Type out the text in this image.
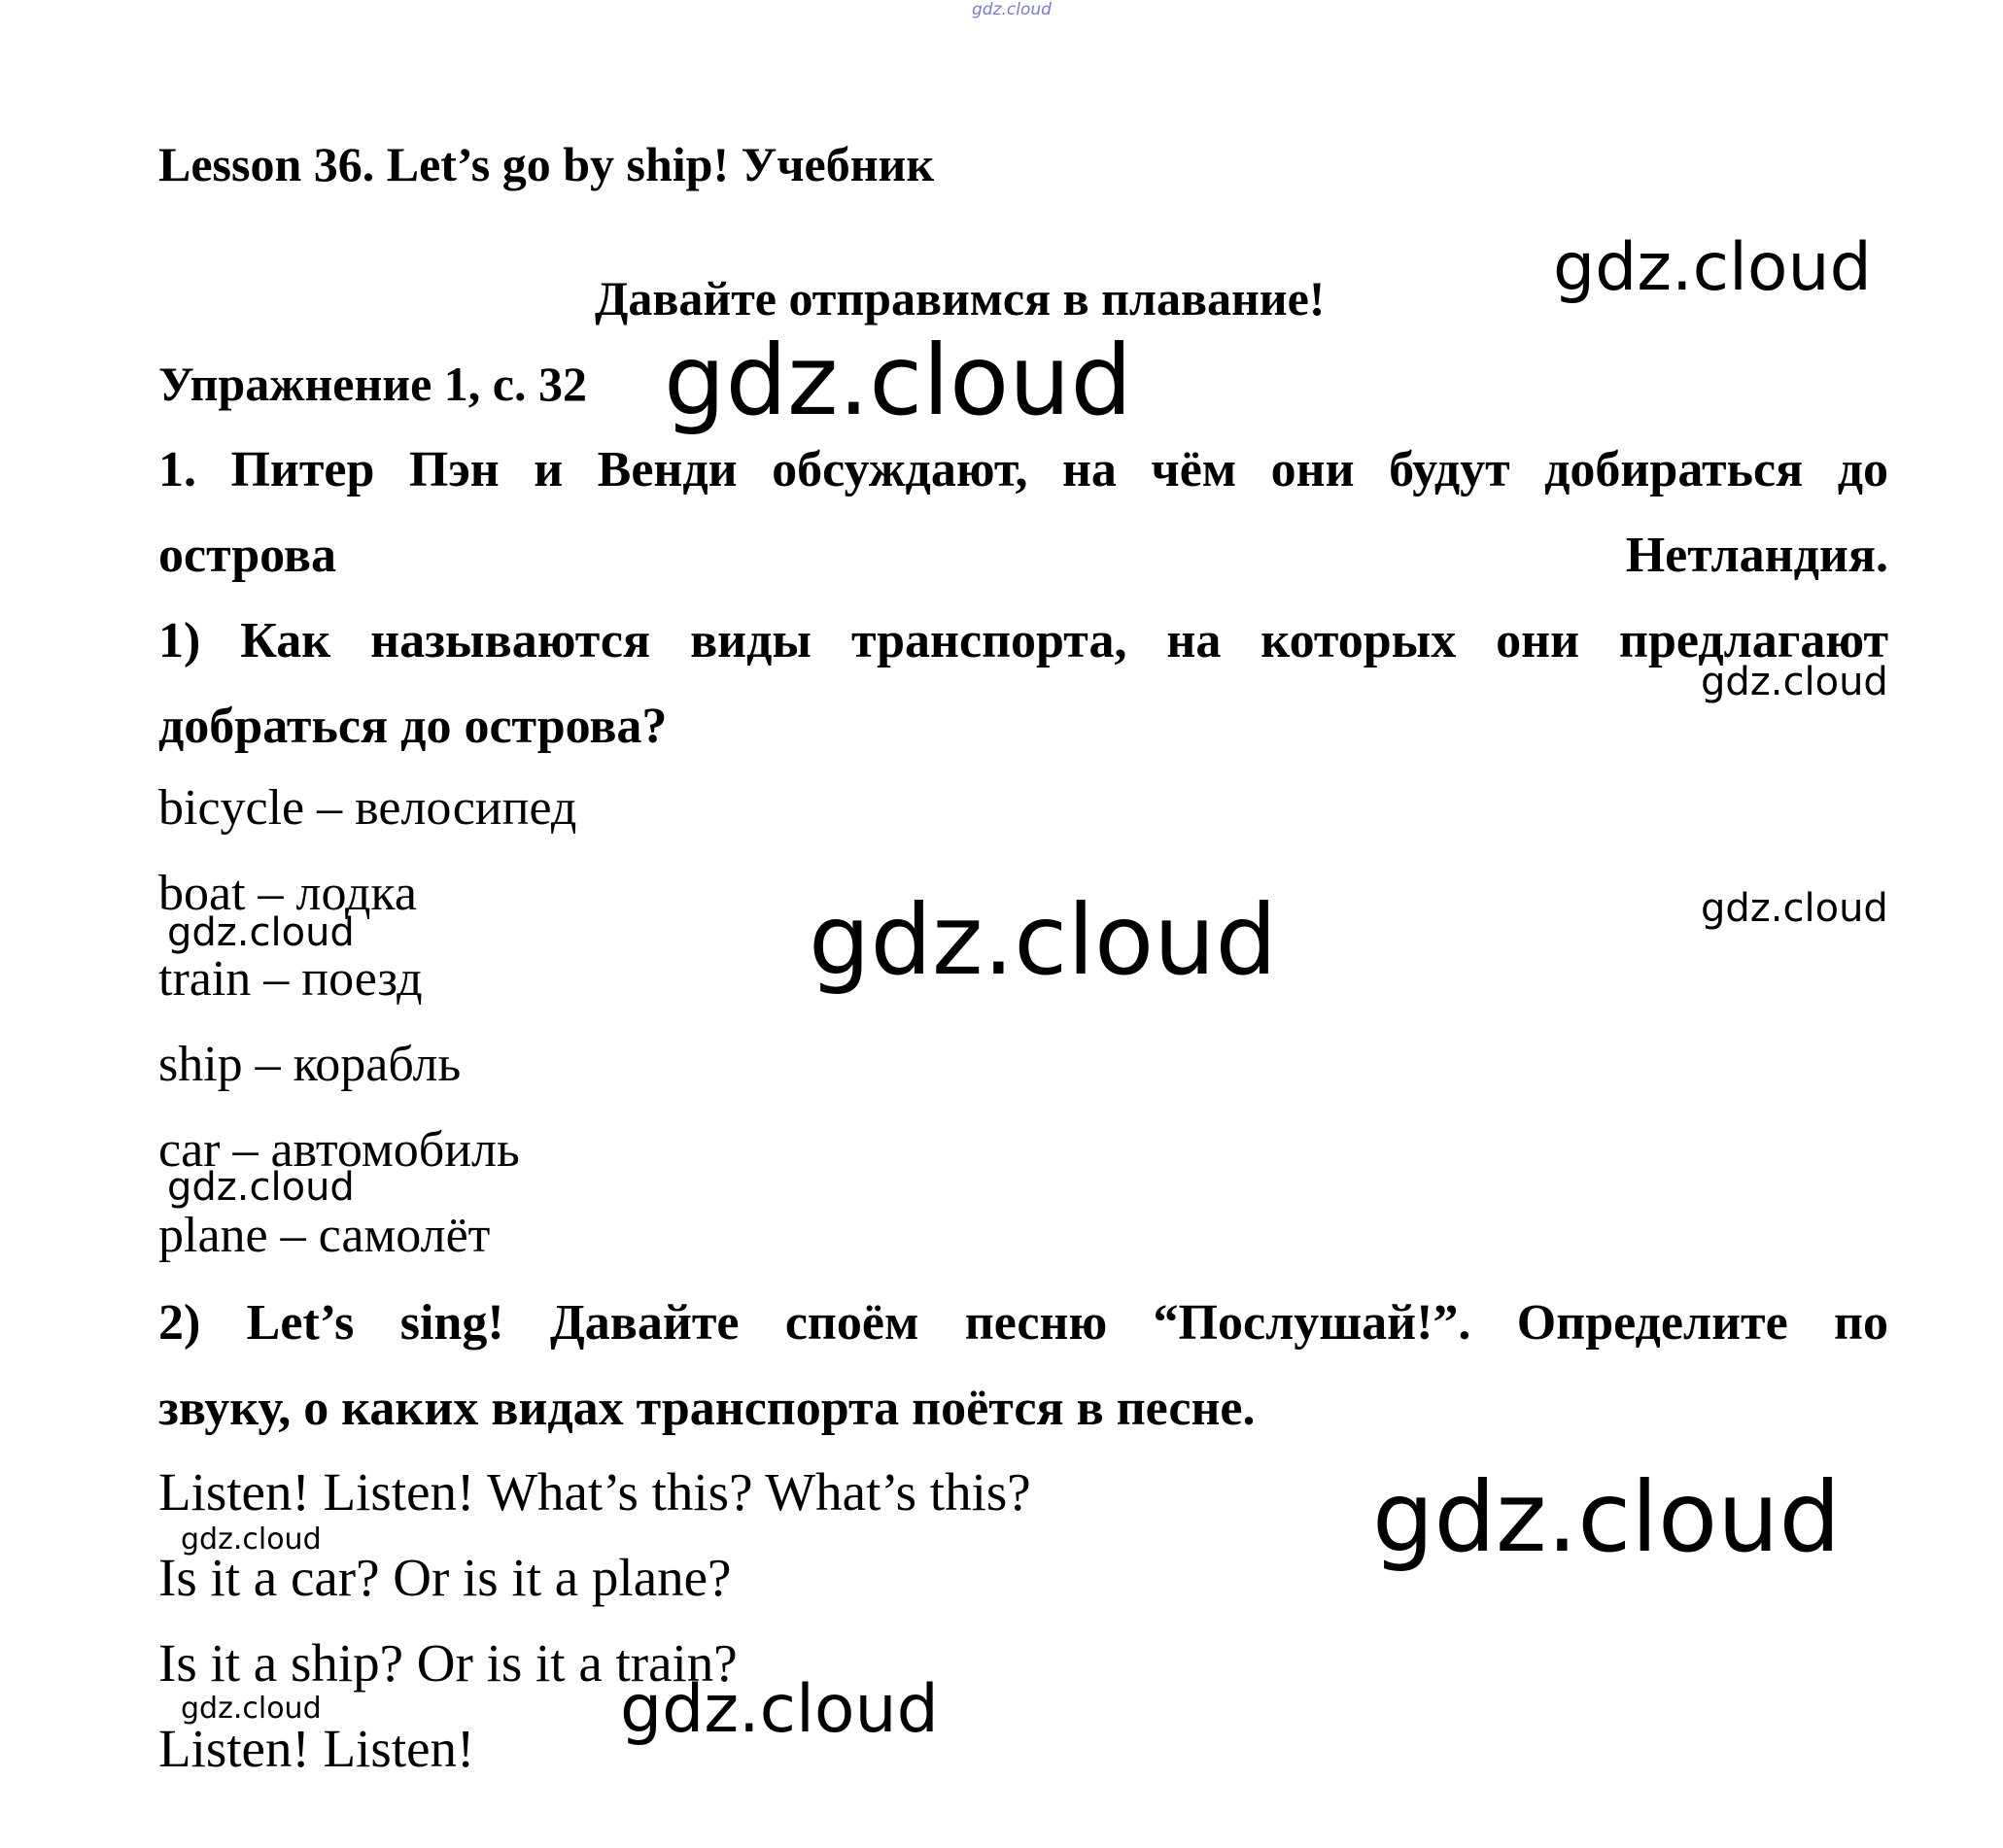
gdz.cloud
Lesson 36. Let’s go by ship! Учебник
gdz.cloud
Давайте отправимся в плавание!
Упражнение 1, с. 32 gdz.cloud
1. Питер Пэн и Венди обсуждают, на чём они будут добираться до
острова	Нетландия.
1) Как называются виды транспорта, на которых они предлагают
gdz.cloud
добраться до острова?
bicycle – велосипед
boat – лодка
gdz.cloud	gdz.cloud	gdz.cloud
train – поезд
ship – корабль
car – автомобиль
gdz.cloud
plane – самолёт
2) Let’s sing! Давайте споём песню “Послушай!”. Определите по
звуку, о каких видах транспорта поётся в песне.
Listen! Listen! What’s this? What’s this?	gdz.cloud
gdz.cloud
Is it a car? Or is it a plane?
Is it a ship? Or is it a train?
gdz.cloud
gdz.cloud
Listen! Listen!
